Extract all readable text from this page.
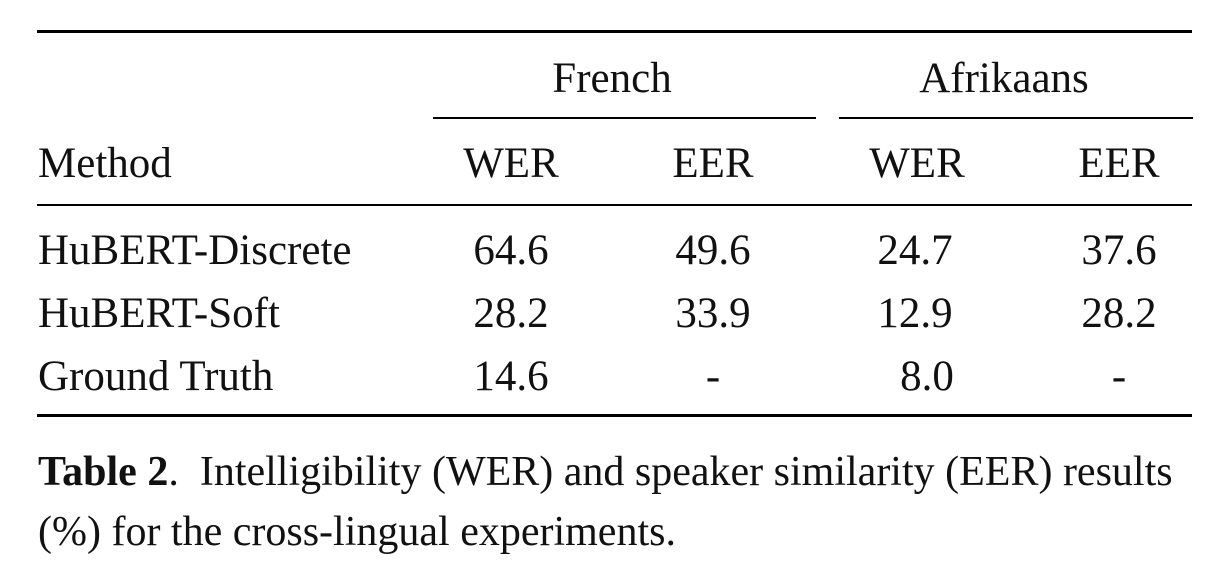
French	Afrikaans
Method	WER	EER	WER	EER
HuBERT-Discrete	64.6	49.6	24.7	37.6
HuBERT-Soft	28.2	33.9	12.9	28.2
Ground Truth	14.6	-	8.0	-
Table 2. Intelligibility (WER) and speaker similarity (EER) results (%) for the cross-lingual experiments.
